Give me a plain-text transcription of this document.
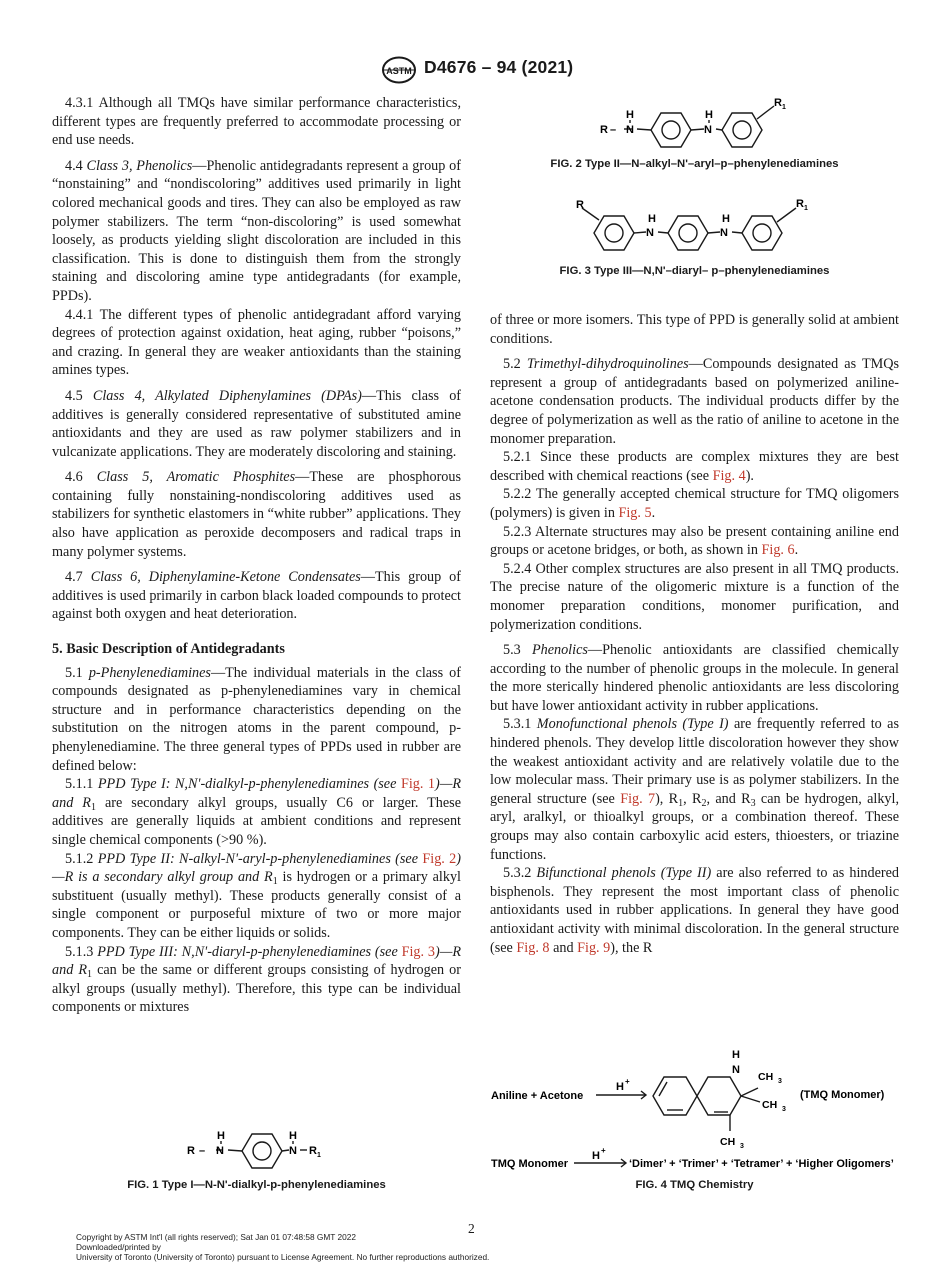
ASTM D4676 – 94 (2021)

4.3.1 Although all TMQs have similar performance characteristics, different types are frequently preferred to accommodate processing or end use needs.

4.4 Class 3, Phenolics—Phenolic antidegradants represent a group of “nonstaining” and “nondiscoloring” additives used primarily in light colored mechanical goods and tires. They can also be employed as raw polymer stabilizers. The term “non-discoloring” is used somewhat loosely, as products yielding slight discoloration are included in this classification. This is done to distinguish them from the strongly staining and discoloring amine type antidegradants (for example, PPDs).

4.4.1 The different types of phenolic antidegradant afford varying degrees of protection against oxidation, heat aging, rubber “poisons,” and crazing. In general they are weaker antioxidants than the staining amines types.

4.5 Class 4, Alkylated Diphenylamines (DPAs)—This class of additives is generally considered representative of substituted amine antioxidants and they are used as raw polymer stabilizers and in vulcanizate applications. They are moderately discoloring and staining.

4.6 Class 5, Aromatic Phosphites—These are phosphorous containing fully nonstaining-nondiscoloring additives used as stabilizers for synthetic elastomers in “white rubber” applications. They also have application as peroxide decomposers and radical traps in many polymer systems.

4.7 Class 6, Diphenylamine-Ketone Condensates—This group of additives is used primarily in carbon black loaded compounds to protect against both oxygen and heat deterioration.

5. Basic Description of Antidegradants

5.1 p-Phenylenediamines—The individual materials in the class of compounds designated as p-phenylenediamines vary in chemical structure and in performance characteristics depending on the substitution on the nitrogen atoms in the parent compound, p-phenylenediamine. The three general types of PPDs used in rubber are defined below:

5.1.1 PPD Type I: N,N'-dialkyl-p-phenylenediamines (see Fig. 1)—R and $R_1$ are secondary alkyl groups, usually C6 or larger. These additives are generally liquids at ambient conditions and represent single chemical components (>90 %).

5.1.2 PPD Type II: N-alkyl-N'-aryl-p-phenylenediamines (see Fig. 2)—R is a secondary alkyl group and $R_1$ is hydrogen or a primary alkyl substituent (usually methyl). These products generally consist of a single component or purposeful mixture of two or more major components. They can be either liquids or solids.

5.1.3 PPD Type III: N,N'-diaryl-p-phenylenediamines (see Fig. 3)—R and $R_1$ can be the same or different groups consisting of hydrogen or alkyl groups (usually methyl). Therefore, this type can be individual components or mixtures

R – N
H
N
H
R 1
FIG. 2 Type II—N–alkyl–N'–aryl–p–phenylenediamines
R
N
H
N
H
R 1
FIG. 3 Type III—N,N'–diaryl– p–phenylenediamines

of three or more isomers. This type of PPD is generally solid at ambient conditions.

5.2 Trimethyl-dihydroquinolines—Compounds designated as TMQs represent a group of antidegradants based on polymerized aniline-acetone condensation products. The individual products differ by the degree of polymerization as well as the ratio of aniline to acetone in the monomer preparation.

5.2.1 Since these products are complex mixtures they are best described with chemical reactions (see Fig. 4).

5.2.2 The generally accepted chemical structure for TMQ oligomers (polymers) is given in Fig. 5.

5.2.3 Alternate structures may also be present containing aniline end groups or acetone bridges, or both, as shown in Fig. 6.

5.2.4 Other complex structures are also present in all TMQ products. The precise nature of the oligomeric mixture is a function of the monomer preparation conditions, monomer purification, and polymerization conditions.

5.3 Phenolics—Phenolic antioxidants are classified chemically according to the number of phenolic groups in the molecule. In general the more sterically hindered phenolic antioxidants are less discoloring but have lower antioxidant activity in rubber applications.

5.3.1 Monofunctional phenols (Type I) are frequently referred to as hindered phenols. They develop little discoloration however they show the weakest antioxidant activity and are relatively volatile due to the low molecular mass. Their primary use is as polymer stabilizers. In the general structure (see Fig. 7), $R_1$, $R_2$, and $R_3$ can be hydrogen, alkyl, aryl, aralkyl, or thioalkyl groups, or a combination thereof. These groups may also contain carboxylic acid esters, thioesters, or triazine functions.

5.3.2 Bifunctional phenols (Type II) are also referred to as hindered bisphenols. They represent the most important class of phenolic antioxidants used in rubber applications. In general they have good antioxidant activity with minimal discoloration. In the general structure (see Fig. 8 and Fig. 9), the R

R –
H
N
H
N R 1
FIG. 1 Type I—N-N'-dialkyl-p-phenylenediamines
H
N
CH 3
CH 3
CH 3
Aniline + Acetone
H +
(TMQ Monomer)
TMQ Monomer
H +
‘Dimer’ + ‘Trimer’ + ‘Tetramer’ + ‘Higher Oligomers’
FIG. 4 TMQ Chemistry
2
Copyright by ASTM Int'l (all rights reserved); Sat Jan 01 07:48:58 GMT 2022
Downloaded/printed by
University of Toronto (University of Toronto) pursuant to License Agreement. No further reproductions authorized.
